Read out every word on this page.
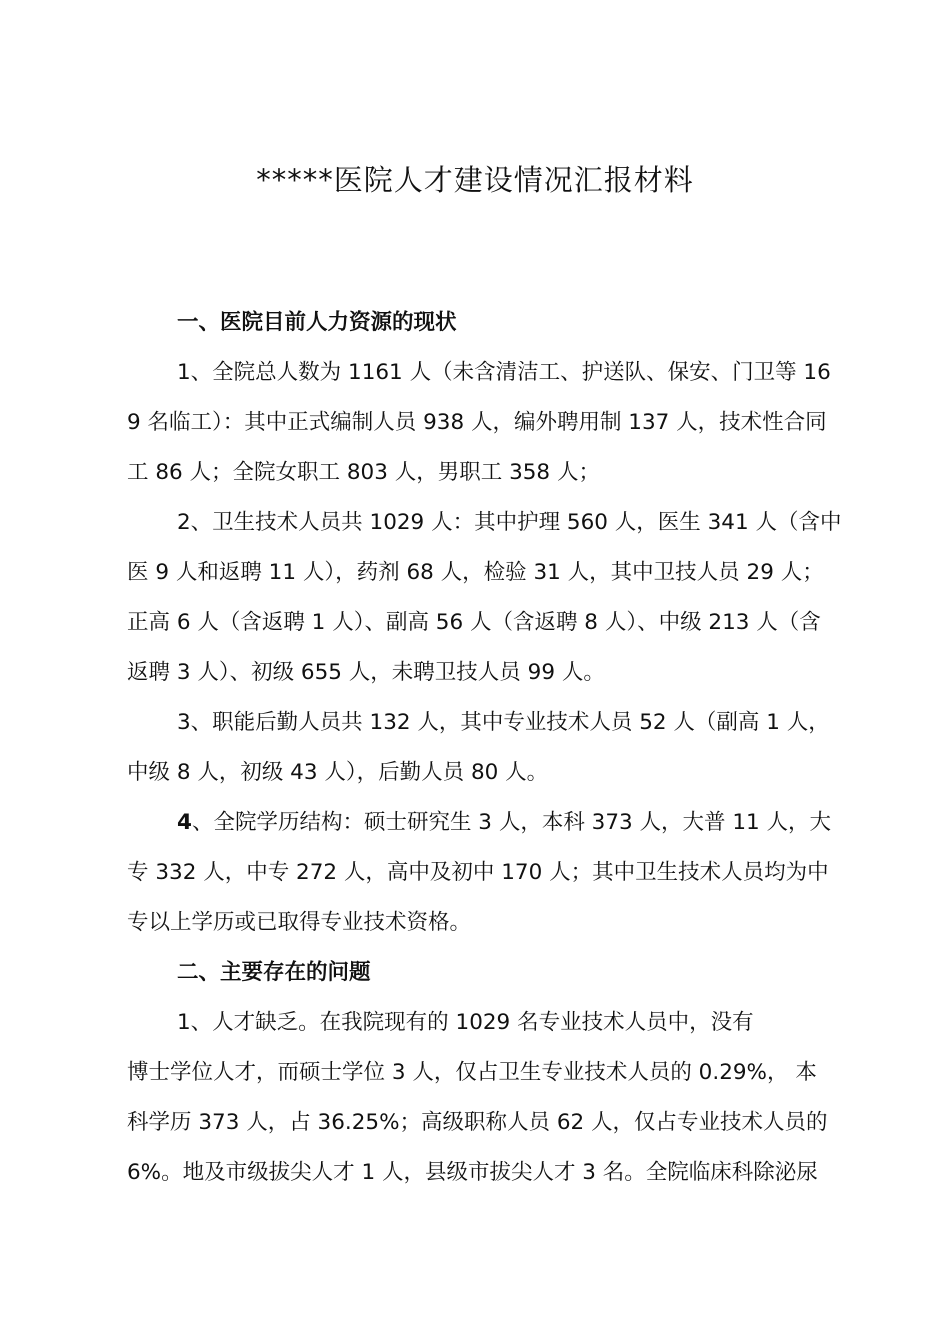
*****医院人才建设情况汇报材料
一、医院目前人力资源的现状
1、全院总人数为 1161 人（未含清洁工、护送队、保安、门卫等 16
9 名临工）：其中正式编制人员 938 人，编外聘用制 137 人，技术性合同
工 86 人；全院女职工 803 人，男职工 358 人；
2、卫生技术人员共 1029 人：其中护理 560 人，医生 341 人（含中
医 9 人和返聘 11 人），药剂 68 人，检验 31 人，其中卫技人员 29 人；
正高 6 人（含返聘 1 人）、副高 56 人（含返聘 8 人）、中级 213 人（含
返聘 3 人）、初级 655 人，未聘卫技人员 99 人。
3、职能后勤人员共 132 人，其中专业技术人员 52 人（副高 1 人，
中级 8 人，初级 43 人），后勤人员 80 人。
4、全院学历结构：硕士研究生 3 人，本科 373 人，大普 11 人，大
专 332 人，中专 272 人，高中及初中 170 人；其中卫生技术人员均为中
专以上学历或已取得专业技术资格。
二、主要存在的问题
1、人才缺乏。在我院现有的 1029 名专业技术人员中，没有
博士学位人才，而硕士学位 3 人，仅占卫生专业技术人员的 0.29%， 本
科学历 373 人，占 36.25%；高级职称人员 62 人，仅占专业技术人员的
6%。地及市级拔尖人才 1 人，县级市拔尖人才 3 名。全院临床科除泌尿
